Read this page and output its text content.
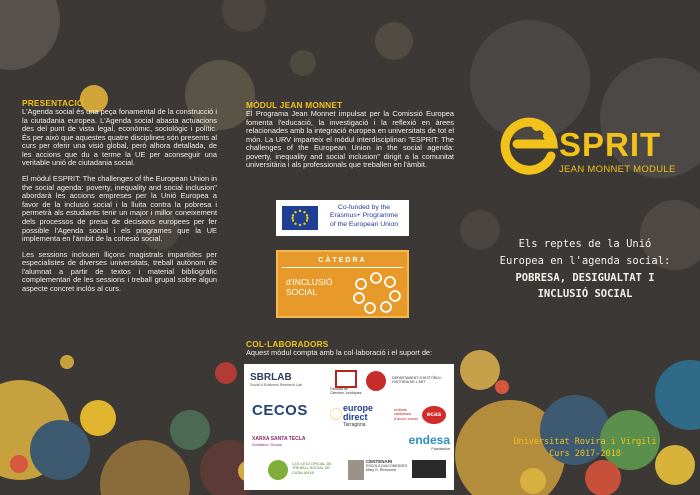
PRESENTACIÓ

L'Agenda social és una peça fonamental de la construcció i la ciutadania europea. L'Agenda social abasta actuacions des del punt de vista legal, econòmic, sociològic i polític. És per això que aquestes quatre disciplines són presents al curs per oferir una visió global, però alhora detallada, de les accions que du a terme la UE per aconseguir una veritable unió de ciutadania social.

El mòdul ESPRIT: The challenges of the European Union in the social agenda: poverty, inequality and social inclusion" abordarà les accions empreses per la Unió Europea a favor de la inclusió social i la lluita contra la pobresa i permetrà als estudiants tenir un major i millor coneixement dels processos de presa de decisions europees per fer possible l'Agenda social i els programes que la UE implementa en l'àmbit de la cohesió social.

Les sessions inclouen lliçons magistrals impartides per especialistes de diverses universitats, treball autònom de l'alumnat a partir de textos i material bibliogràfic complementari de les sessions i treball grupal sobre algun aspecte concret inclòs al curs.

MÒDUL JEAN MONNET
El Programa Jean Monnet impulsat per la Comissió Europea fomenta l'educació, la investigació i la reflexió en àrees relacionades amb la integració europea en universitats de tot el món. La URV imparteix el mòdul interdisciplinari "ESPRIT: The challenges of the European Union in the social agenda: poverty, inequality and social inclusion" dirigit a la comunitat universitària i als professionals que treballen en l'àmbit.
Co-funded by the
Erasmus+ Programme
of the European Union
CÀTEDRA
d'INCLUSIÓ
SOCIAL
COL·LABORADORS
Aquest mòdul compta amb la col·laboració i el suport de:
SBRLAB
Social & Business Research Lab
Facultat de Ciències Jurídiques
DEPARTAMENT D'HISTÒRIA I HISTÒRIA DE L'ART
CECOS	europe
direct
Tarragona
entitats catalanes d'acció social
ecas
XARXA SANTA TECLA
Solidària i Social	endesa
Fundación
COL·LEGI OFICIAL DE TREBALL SOCIAL DE CATALUNYA
CENTENARI
ESCOLA DIACONESSES
Mary G. Richmond
SPRIT
JEAN MONNET MODULE
Els reptes de la Unió
Europea en l'agenda social:
POBRESA, DESIGUALTAT I
INCLUSIÓ SOCIAL
Universitat Rovira i Virgili
Curs 2017-2018
